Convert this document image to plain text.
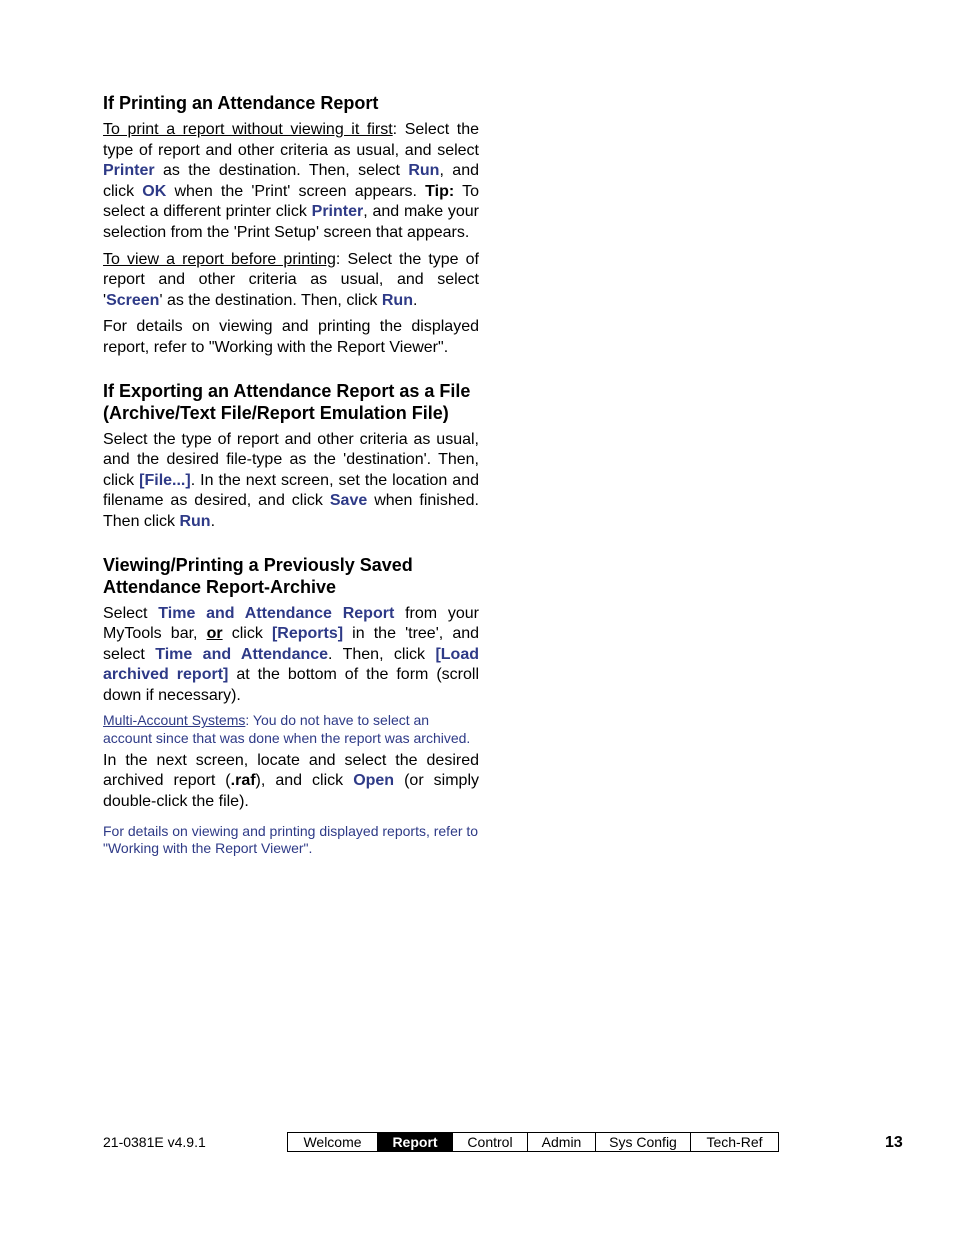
If Printing an Attendance Report

To print a report without viewing it first: Select the type of report and other criteria as usual, and select Printer as the destination. Then, select Run, and click OK when the 'Print' screen appears. Tip: To select a different printer click Printer, and make your selection from the 'Print Setup' screen that appears.

To view a report before printing: Select the type of report and other criteria as usual, and select 'Screen' as the destination. Then, click Run.

For details on viewing and printing the displayed report, refer to "Working with the Report Viewer".

If Exporting an Attendance Report as a File (Archive/Text File/Report Emulation File)

Select the type of report and other criteria as usual, and the desired file-type as the 'destination'. Then, click [File...]. In the next screen, set the location and filename as desired, and click Save when finished. Then click Run.

Viewing/Printing a Previously Saved Attendance Report-Archive

Select Time and Attendance Report from your MyTools bar, or click [Reports] in the 'tree', and select Time and Attendance. Then, click [Load archived report] at the bottom of the form (scroll down if necessary).

Multi-Account Systems: You do not have to select an account since that was done when the report was archived.

In the next screen, locate and select the desired archived report (.raf), and click Open (or simply double-click the file).

For details on viewing and printing displayed reports, refer to "Working with the Report Viewer".

21-0381E v4.9.1	Welcome	Report	Control	Admin	Sys Config	Tech-Ref	13
